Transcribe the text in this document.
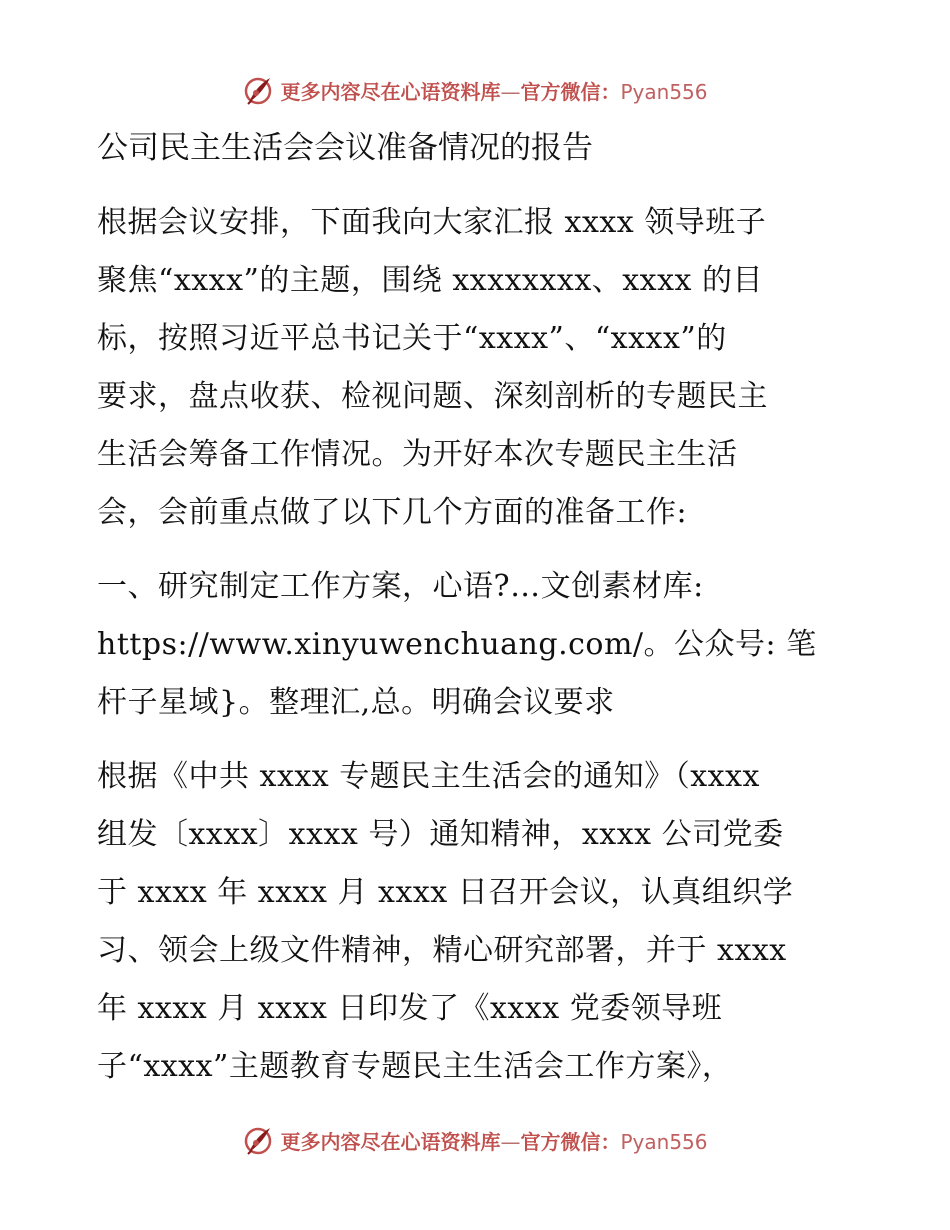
更多内容尽在心语资料库—官方微信：Pyan556
公司民主生活会会议准备情况的报告
根据会议安排，下面我向大家汇报 xxxx 领导班子
聚焦“xxxx”的主题，围绕 xxxxxxxx、xxxx 的目
标，按照习近平总书记关于“xxxx”、“xxxx”的
要求，盘点收获、检视问题、深刻剖析的专题民主
生活会筹备工作情况。为开好本次专题民主生活
会，会前重点做了以下几个方面的准备工作:
一、研究制定工作方案，心语?…文创素材库:
https://www.xinyuwenchuang.com/。公众号: 笔
杆子星域}。整理汇,总。明确会议要求
根据《中共 xxxx 专题民主生活会的通知》（xxxx
组发〔xxxx〕xxxx 号）通知精神，xxxx 公司党委
于 xxxx 年 xxxx 月 xxxx 日召开会议，认真组织学
习、领会上级文件精神，精心研究部署，并于 xxxx
年 xxxx 月 xxxx 日印发了《xxxx 党委领导班
子“xxxx”主题教育专题民主生活会工作方案》，
更多内容尽在心语资料库—官方微信：Pyan556
